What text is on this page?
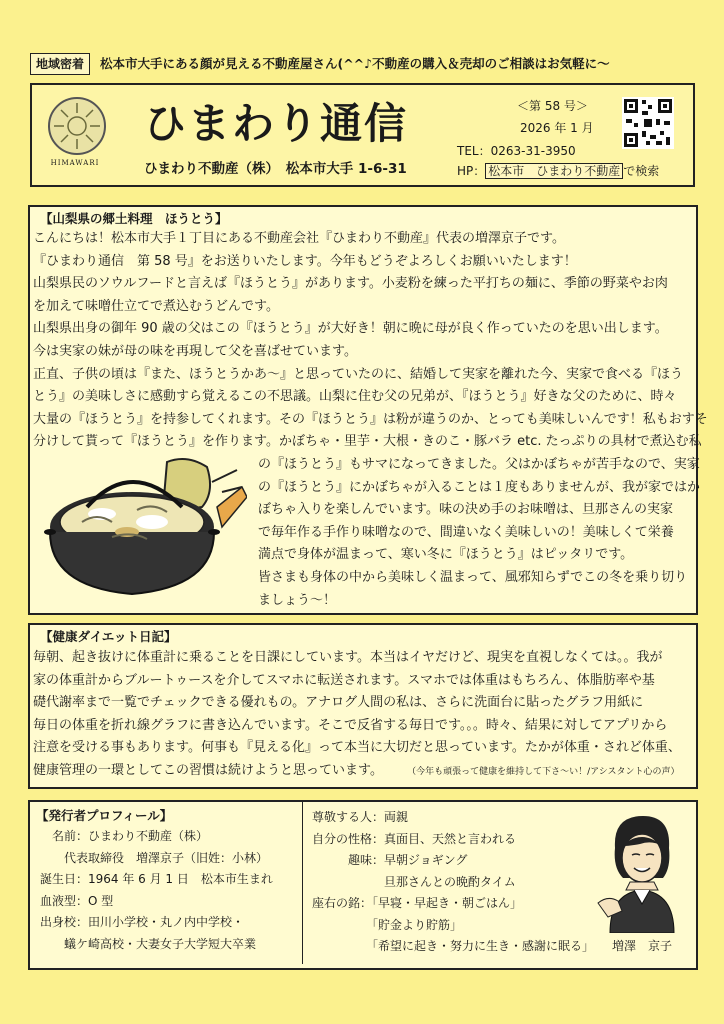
地域密着	松本市大手にある顔が見える不動産屋さん(^^♪不動産の購入＆売却のご相談はお気軽に～
HIMAWARI
ひまわり通信
ひまわり不動産（株）　松本市大手 1-6-31
＜第 58 号＞
2026 年 1 月
TEL：0263-31-3950
HP： 松本市　ひまわり不動産 で検索
【山梨県の郷土料理　ほうとう】
こんにちは！松本市大手１丁目にある不動産会社『ひまわり不動産』代表の増澤京子です。
『ひまわり通信　第 58 号』をお送りいたします。今年もどうぞよろしくお願いいたします！
山梨県民のソウルフードと言えば『ほうとう』があります。小麦粉を練った平打ちの麺に、季節の野菜やお肉
を加えて味噌仕立てで煮込むうどんです。
山梨県出身の御年 90 歳の父はこの『ほうとう』が大好き！朝に晩に母が良く作っていたのを思い出します。
今は実家の妹が母の味を再現して父を喜ばせています。
正直、子供の頃は『また、ほうとうかあ～』と思っていたのに、結婚して実家を離れた今、実家で食べる『ほう
とう』の美味しさに感動すら覚えるこの不思議。山梨に住む父の兄弟が、『ほうとう』好きな父のために、時々
大量の『ほうとう』を持参してくれます。その『ほうとう』は粉が違うのか、とっても美味しいんです！私もおすそ
分けして貰って『ほうとう』を作ります。かぼちゃ・里芋・大根・きのこ・豚バラ etc. たっぷりの具材で煮込む私
の『ほうとう』もサマになってきました。父はかぼちゃが苦手なので、実家
の『ほうとう』にかぼちゃが入ることは１度もありませんが、我が家ではか
ぼちゃ入りを楽しんでいます。味の決め手のお味噌は、旦那さんの実家
で毎年作る手作り味噌なので、間違いなく美味しいの！美味しくて栄養
満点で身体が温まって、寒い冬に『ほうとう』はピッタリです。
皆さまも身体の中から美味しく温まって、風邪知らずでこの冬を乗り切り
ましょう～！
【健康ダイエット日記】
毎朝、起き抜けに体重計に乗ることを日課にしています。本当はイヤだけど、現実を直視しなくては。。我が
家の体重計からブルートゥースを介してスマホに転送されます。スマホでは体重はもちろん、体脂肪率や基
礎代謝率まで一覧でチェックできる優れもの。アナログ人間の私は、さらに洗面台に貼ったグラフ用紙に
毎日の体重を折れ線グラフに書き込んでいます。そこで反省する毎日です。。。時々、結果に対してアプリから
注意を受ける事もあります。何事も『見える化』って本当に大切だと思っています。たかが体重・されど体重、
健康管理の一環としてこの習慣は続けようと思っています。	（今年も頑張って健康を維持して下さ～い！/アシスタント心の声）
【発行者プロフィール】
　名前：ひまわり不動産（株）
　　代表取締役　増澤京子（旧姓：小林）
誕生日：1964 年 6 月 1 日　松本市生まれ
血液型：O 型
出身校：田川小学校・丸ノ内中学校・
　　蟻ケ崎高校・大妻女子大学短大卒業
尊敬する人：両親
自分の性格：真面目、天然と言われる
　　　趣味：早朝ジョギング
　　　　　　旦那さんとの晩酌タイム
座右の銘：「早寝・早起き・朝ごはん」
　　　　　「貯金より貯筋」
　　　　　「希望に起き・努力に生き・感謝に眠る」 増澤　京子
